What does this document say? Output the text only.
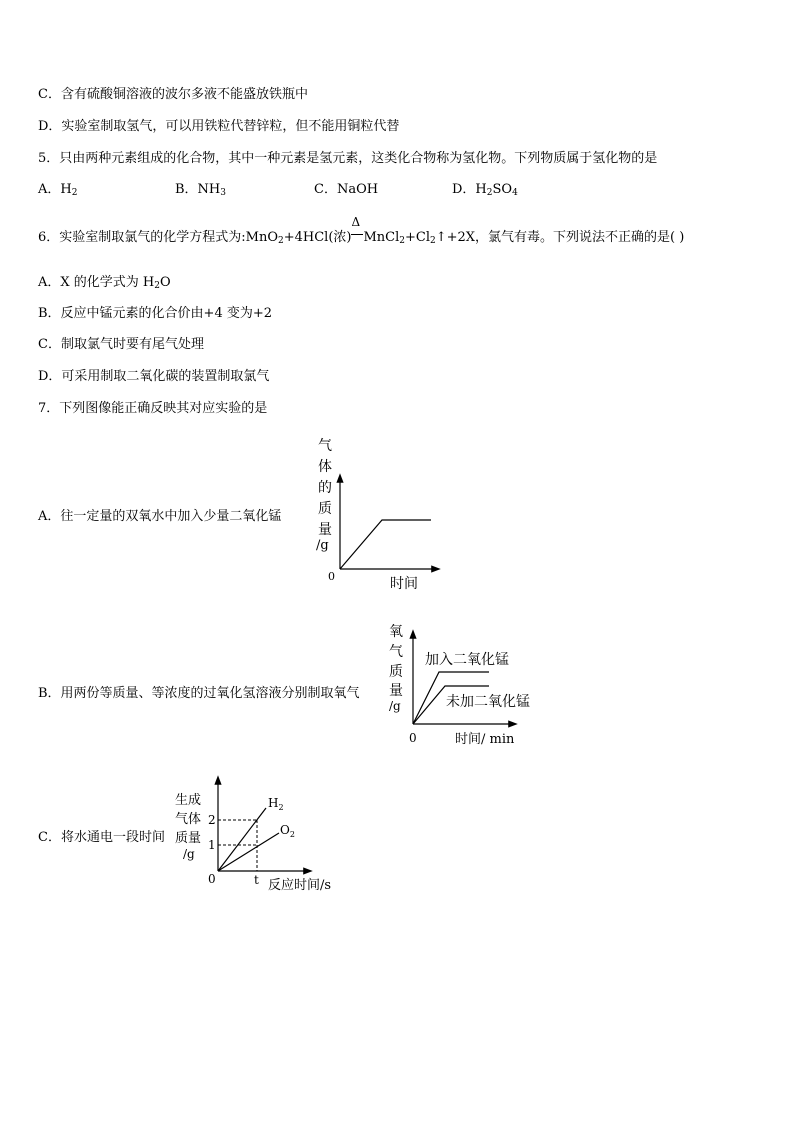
C．含有硫酸铜溶液的波尔多液不能盛放铁瓶中
D．实验室制取氢气，可以用铁粒代替锌粒，但不能用铜粒代替
5．只由两种元素组成的化合物，其中一种元素是氢元素，这类化合物称为氢化物。下列物质属于氢化物的是
A．$H_2$	B．$NH_3$	C．NaOH	D．$H_2SO_4$
6．实验室制取氯气的化学方程式为:MnO$_2$+4HCl(浓)
Δ
$MnCl_2+Cl_2↑+2X$，氯气有毒。下列说法不正确的是( )
A．X 的化学式为 $H_2O$
B．反应中锰元素的化合价由+4 变为+2
C．制取氯气时要有尾气处理
D．可采用制取二氧化碳的装置制取氯气
7．下列图像能正确反映其对应实验的是
A．往一定量的双氧水中加入少量二氧化锰
B．用两份等质量、等浓度的过氧化氢溶液分别制取氧气
C．将水通电一段时间
气
体
的
质
量
/g
0	时间
氧
气
质
量
/g
0	时间/ min
加入二氧化锰
未加二氧化锰
生成
气体
质量
/g
0	反应时间/s
2
1
t
$H_2$
$O_2$
